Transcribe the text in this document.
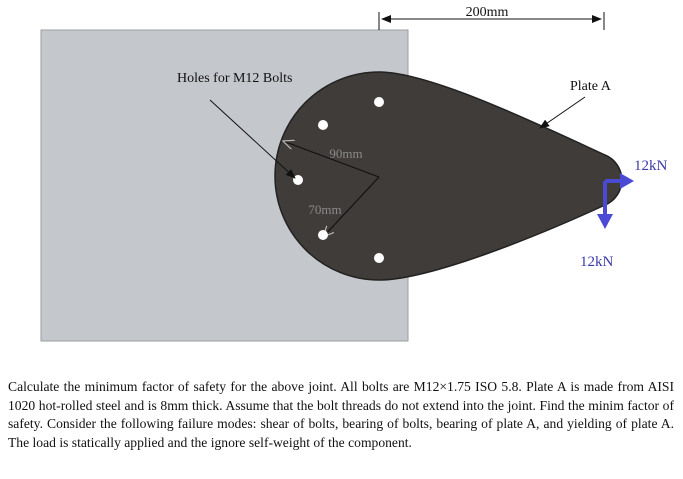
200mm
90mm
70mm
Holes for M12 Bolts
Plate A
12kN
12kN

Calculate the minimum factor of safety for the above joint. All bolts are M12×1.75 ISO 5.8. Plate A is made from AISI 1020 hot-rolled steel and is 8mm thick. Assume that the bolt threads do not extend into the joint. Find the minim factor of safety. Consider the following failure modes: shear of bolts, bearing of bolts, bearing of plate A, and yielding of plate A. The load is statically applied and the ignore self-weight of the component.
